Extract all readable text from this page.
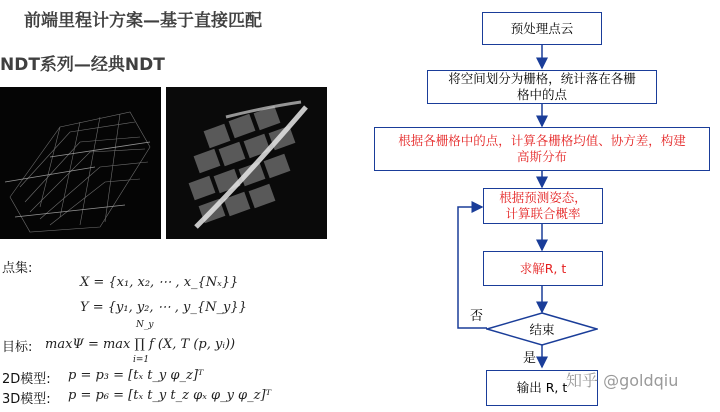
前端里程计方案—基于直接匹配
NDT系列—经典NDT
点集:
X = {x₁, x₂, ⋯ , x_{Nₓ}}
Y = {y₁, y₂, ⋯ , y_{N_y}}
目标: maxΨ = max ∏ f (X, T (p, yᵢ))
N_y
i=1
2D模型: p = p₃ = [tₓ t_y φ_z]ᵀ
3D模型: p = p₆ = [tₓ t_y t_z φₓ φ_y φ_z]ᵀ
预处理点云
将空间划分为栅格，统计落在各栅
格中的点
根据各栅格中的点，计算各栅格均值、协方差，构建
高斯分布
根据预测姿态，
计算联合概率
求解R, t
结束
否
是
输出 R, t
知乎 @goldqiu
